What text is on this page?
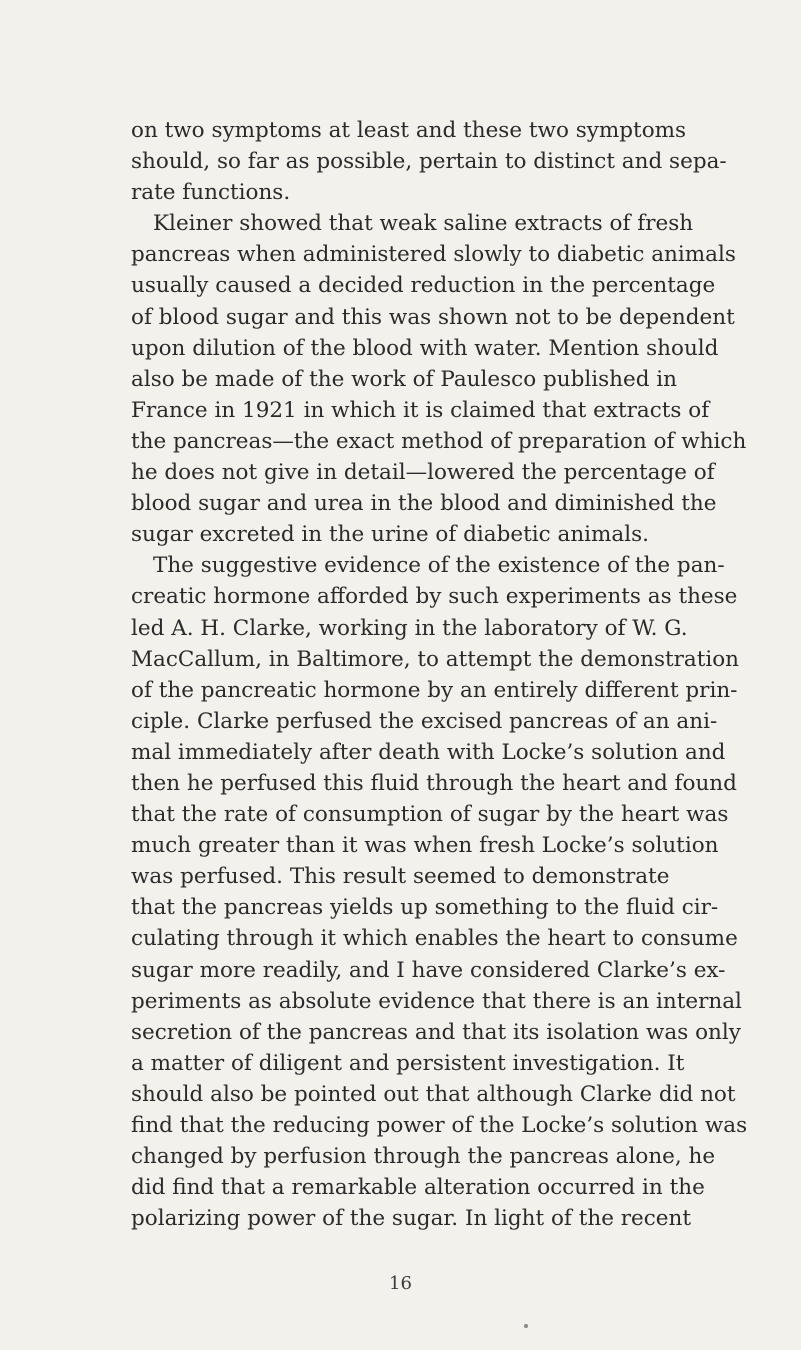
on two symptoms at least and these two symptoms
should, so far as possible, pertain to distinct and sepa-
rate functions.
Kleiner showed that weak saline extracts of fresh
pancreas when administered slowly to diabetic animals
usually caused a decided reduction in the percentage
of blood sugar and this was shown not to be dependent
upon dilution of the blood with water. Mention should
also be made of the work of Paulesco published in
France in 1921 in which it is claimed that extracts of
the pancreas—the exact method of preparation of which
he does not give in detail—lowered the percentage of
blood sugar and urea in the blood and diminished the
sugar excreted in the urine of diabetic animals.
The suggestive evidence of the existence of the pan-
creatic hormone afforded by such experiments as these
led A. H. Clarke, working in the laboratory of W. G.
MacCallum, in Baltimore, to attempt the demonstration
of the pancreatic hormone by an entirely different prin-
ciple. Clarke perfused the excised pancreas of an ani-
mal immediately after death with Locke’s solution and
then he perfused this fluid through the heart and found
that the rate of consumption of sugar by the heart was
much greater than it was when fresh Locke’s solution
was perfused. This result seemed to demonstrate
that the pancreas yields up something to the fluid cir-
culating through it which enables the heart to consume
sugar more readily, and I have considered Clarke’s ex-
periments as absolute evidence that there is an internal
secretion of the pancreas and that its isolation was only
a matter of diligent and persistent investigation. It
should also be pointed out that although Clarke did not
find that the reducing power of the Locke’s solution was
changed by perfusion through the pancreas alone, he
did find that a remarkable alteration occurred in the
polarizing power of the sugar. In light of the recent
16
